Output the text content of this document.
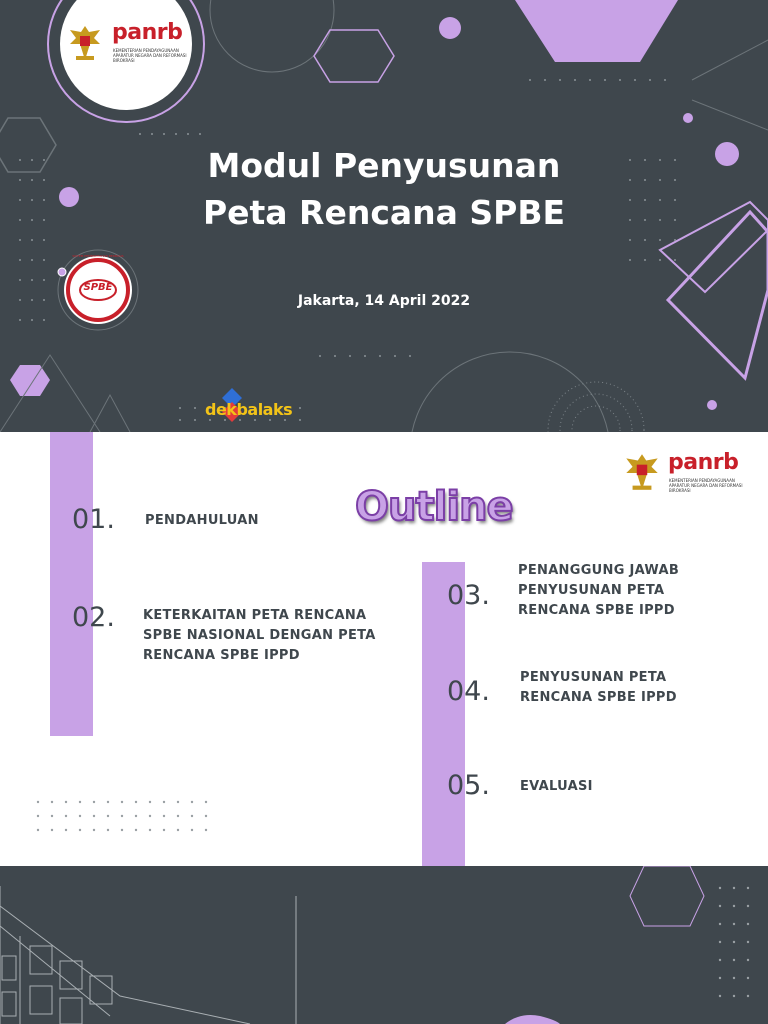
panrb
KEMENTERIAN PENDAYAGUNAAN APARATUR NEGARA DAN REFORMASI BIROKRASI
SPBE
SISTEM PEMERINTAHAN BERBASIS ELEKTRONIK
Modul Penyusunan
Peta Rencana SPBE
Jakarta, 14 April 2022
dekbalaks
Outline
panrb
KEMENTERIAN PENDAYAGUNAAN APARATUR NEGARA DAN REFORMASI BIROKRASI
01. PENDAHULUAN
02. KETERKAITAN PETA RENCANA
SPBE NASIONAL DENGAN PETA
RENCANA SPBE IPPD
03.
PENANGGUNG JAWAB
PENYUSUNAN PETA
RENCANA SPBE IPPD
04. PENYUSUNAN PETA
RENCANA SPBE IPPD
05. EVALUASI
